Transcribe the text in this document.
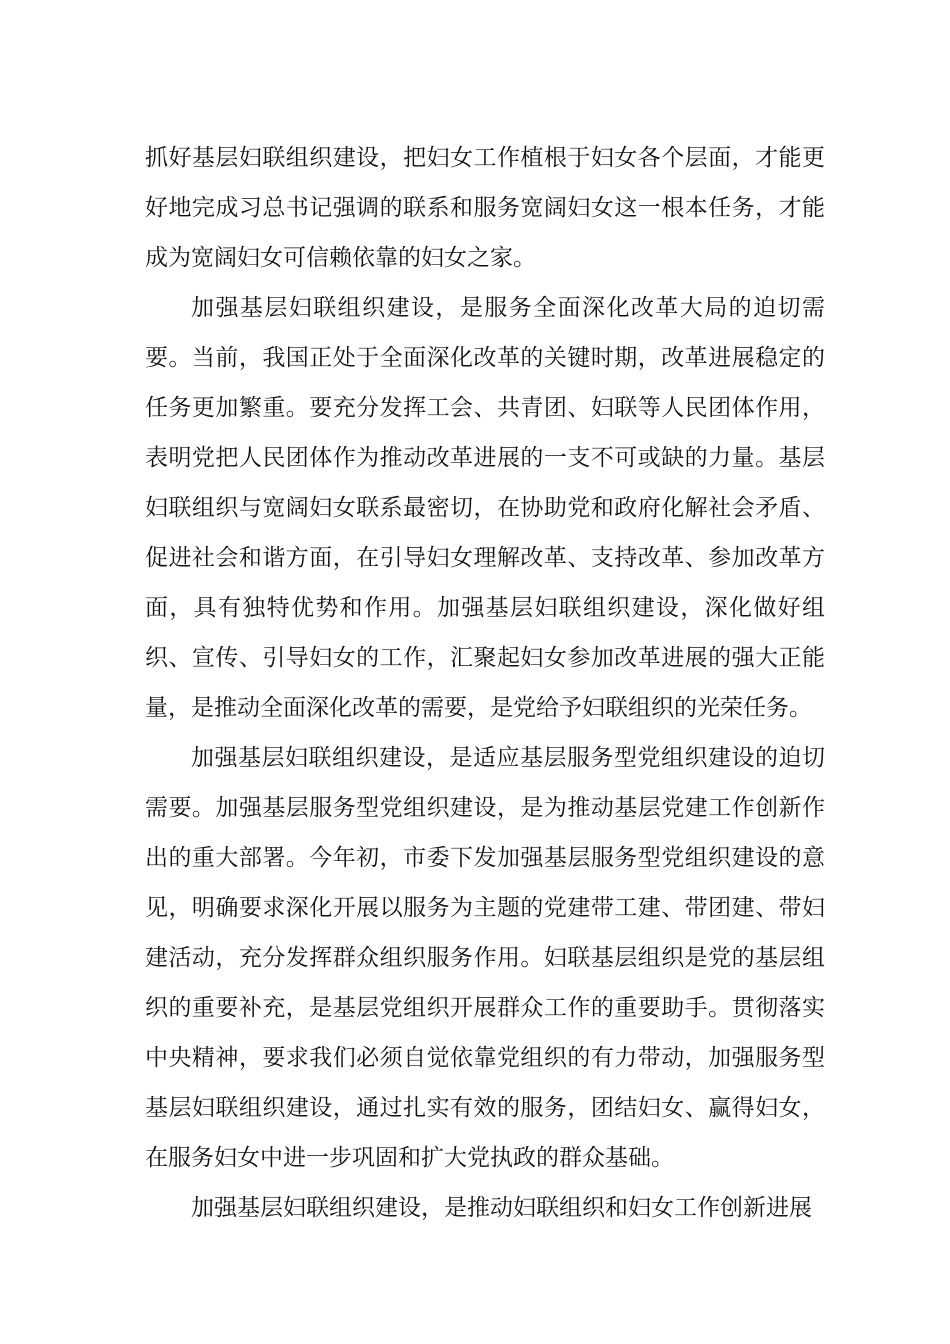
抓好基层妇联组织建设，把妇女工作植根于妇女各个层面，才能更好地完成习总书记强调的联系和服务宽阔妇女这一根本任务，才能成为宽阔妇女可信赖依靠的妇女之家。

加强基层妇联组织建设，是服务全面深化改革大局的迫切需要。当前，我国正处于全面深化改革的关键时期，改革进展稳定的任务更加繁重。要充分发挥工会、共青团、妇联等人民团体作用，表明党把人民团体作为推动改革进展的一支不可或缺的力量。基层妇联组织与宽阔妇女联系最密切，在协助党和政府化解社会矛盾、促进社会和谐方面，在引导妇女理解改革、支持改革、参加改革方面，具有独特优势和作用。加强基层妇联组织建设，深化做好组织、宣传、引导妇女的工作，汇聚起妇女参加改革进展的强大正能量，是推动全面深化改革的需要，是党给予妇联组织的光荣任务。

加强基层妇联组织建设，是适应基层服务型党组织建设的迫切需要。加强基层服务型党组织建设，是为推动基层党建工作创新作出的重大部署。今年初，市委下发加强基层服务型党组织建设的意见，明确要求深化开展以服务为主题的党建带工建、带团建、带妇建活动，充分发挥群众组织服务作用。妇联基层组织是党的基层组织的重要补充，是基层党组织开展群众工作的重要助手。贯彻落实中央精神，要求我们必须自觉依靠党组织的有力带动，加强服务型基层妇联组织建设，通过扎实有效的服务，团结妇女、赢得妇女，在服务妇女中进一步巩固和扩大党执政的群众基础。

加强基层妇联组织建设，是推动妇联组织和妇女工作创新进展
